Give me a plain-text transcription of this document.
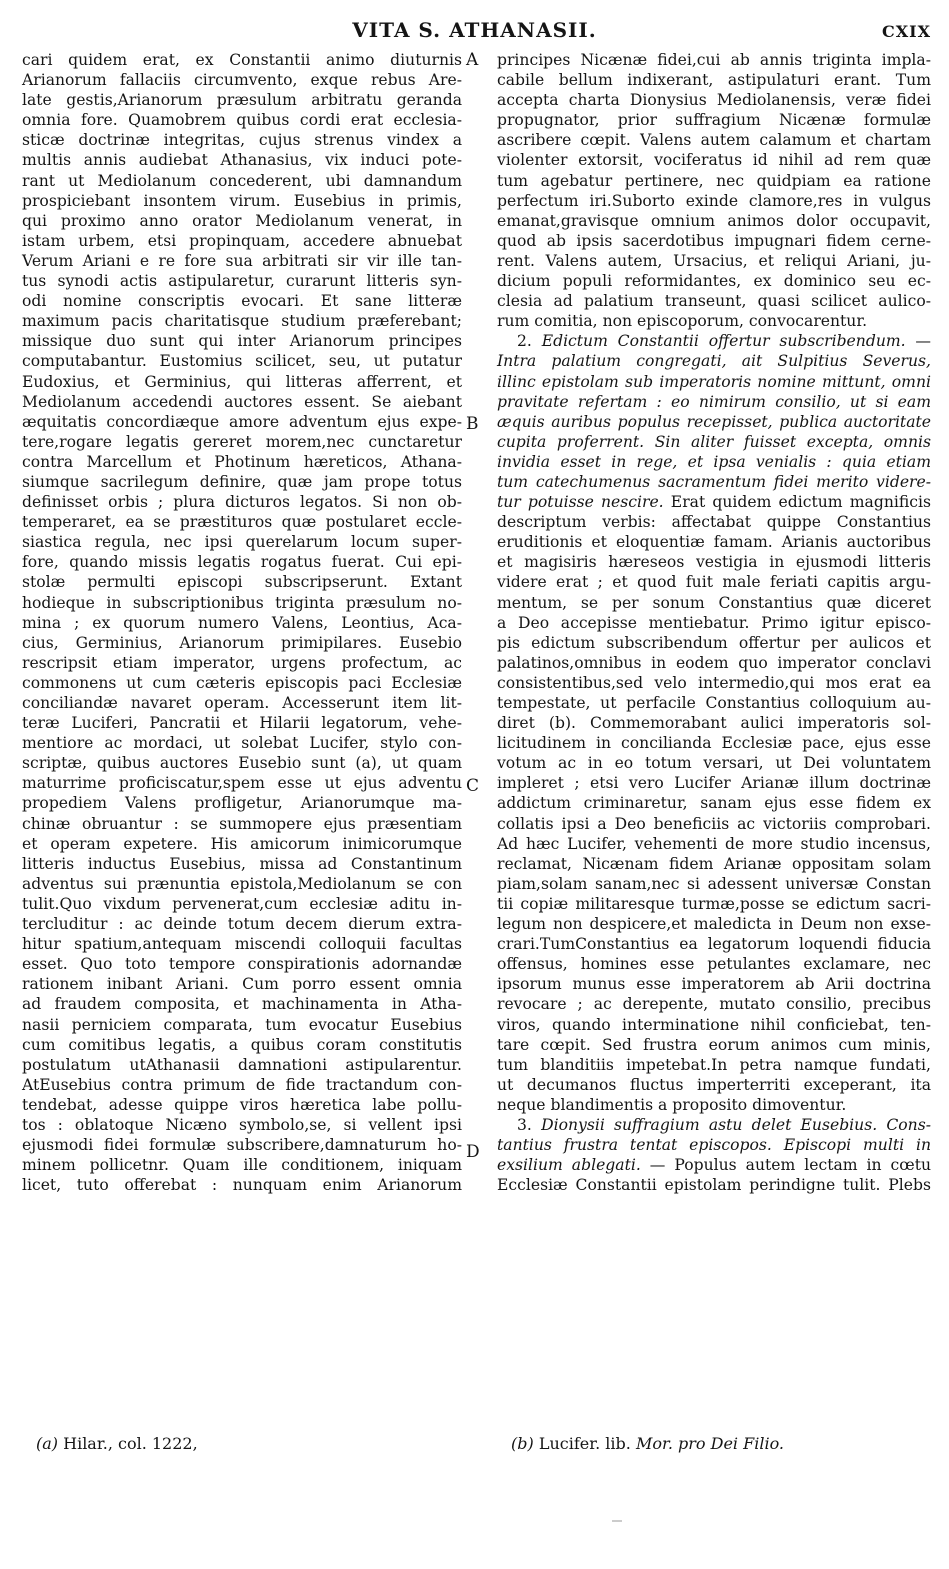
VITA S. ATHANASII.	CXIX
cari quidem erat, ex Constantii animo diuturnis
Arianorum fallaciis circumvento, exque rebus Are-
late gestis,Arianorum præsulum arbitratu geranda
omnia fore. Quamobrem quibus cordi erat ecclesia-
sticæ doctrinæ integritas, cujus strenus vindex a
multis annis audiebat Athanasius, vix induci pote-
rant ut Mediolanum concederent, ubi damnandum
prospiciebant insontem virum. Eusebius in primis,
qui proximo anno orator Mediolanum venerat, in
istam urbem, etsi propinquam, accedere abnuebat
Verum Ariani e re fore sua arbitrati sir vir ille tan-
tus synodi actis astipularetur, curarunt litteris syn-
odi nomine conscriptis evocari. Et sane litteræ
maximum pacis charitatisque studium præferebant;
missique duo sunt qui inter Arianorum principes
computabantur. Eustomius scilicet, seu, ut putatur
Eudoxius, et Germinius, qui litteras afferrent, et
Mediolanum accedendi auctores essent. Se aiebant
æquitatis concordiæque amore adventum ejus expe-
tere,rogare legatis gereret morem,nec cunctaretur
contra Marcellum et Photinum hæreticos, Athana-
siumque sacrilegum definire, quæ jam prope totus
definisset orbis ; plura dicturos legatos. Si non ob-
temperaret, ea se præstituros quæ postularet eccle-
siastica regula, nec ipsi querelarum locum super-
fore, quando missis legatis rogatus fuerat. Cui epi-
stolæ permulti episcopi subscripserunt. Extant
hodieque in subscriptionibus triginta præsulum no-
mina ; ex quorum numero Valens, Leontius, Aca-
cius, Germinius, Arianorum primipilares. Eusebio
rescripsit etiam imperator, urgens profectum, ac
commonens ut cum cæteris episcopis paci Ecclesiæ
conciliandæ navaret operam. Accesserunt item lit-
teræ Luciferi, Pancratii et Hilarii legatorum, vehe-
mentiore ac mordaci, ut solebat Lucifer, stylo con-
scriptæ, quibus auctores Eusebio sunt (a), ut quam
maturrime proficiscatur,spem esse ut ejus adventu
propediem Valens profligetur, Arianorumque ma-
chinæ obruantur : se summopere ejus præsentiam
et operam expetere. His amicorum inimicorumque
litteris inductus Eusebius, missa ad Constantinum
adventus sui prænuntia epistola,Mediolanum se con
tulit.Quo vixdum pervenerat,cum ecclesiæ aditu in-
tercluditur : ac deinde totum decem dierum extra-
hitur spatium,antequam miscendi colloquii facultas
esset. Quo toto tempore conspirationis adornandæ
rationem inibant Ariani. Cum porro essent omnia
ad fraudem composita, et machinamenta in Atha-
nasii perniciem comparata, tum evocatur Eusebius
cum comitibus legatis, a quibus coram constitutis
postulatum utAthanasii damnationi astipularentur.
AtEusebius contra primum de fide tractandum con-
tendebat, adesse quippe viros hæretica labe pollu-
tos : oblatoque Nicæno symbolo,se, si vellent ipsi
ejusmodi fidei formulæ subscribere,damnaturum ho-
minem pollicetnr. Quam ille conditionem, iniquam
licet, tuto offerebat : nunquam enim Arianorum
A
B
C
D
principes Nicænæ fidei,cui ab annis triginta impla-
cabile bellum indixerant, astipulaturi erant. Tum
accepta charta Dionysius Mediolanensis, veræ fidei
propugnator, prior suffragium Nicænæ formulæ
ascribere cœpit. Valens autem calamum et chartam
violenter extorsit, vociferatus id nihil ad rem quæ
tum agebatur pertinere, nec quidpiam ea ratione
perfectum iri.Suborto exinde clamore,res in vulgus
emanat,gravisque omnium animos dolor occupavit,
quod ab ipsis sacerdotibus impugnari fidem cerne-
rent. Valens autem, Ursacius, et reliqui Ariani, ju-
dicium populi reformidantes, ex dominico seu ec-
clesia ad palatium transeunt, quasi scilicet aulico-
rum comitia, non episcoporum, convocarentur.
2. Edictum Constantii offertur subscribendum. —
Intra palatium congregati, ait Sulpitius Severus,
illinc epistolam sub imperatoris nomine mittunt, omni
pravitate refertam : eo nimirum consilio, ut si eam
æquis auribus populus recepisset, publica auctoritate
cupita proferrent. Sin aliter fuisset excepta, omnis
invidia esset in rege, et ipsa venialis : quia etiam
tum catechumenus sacramentum fidei merito videre-
tur potuisse nescire. Erat quidem edictum magnificis
descriptum verbis: affectabat quippe Constantius
eruditionis et eloquentiæ famam. Arianis auctoribus
et magisiris hæreseos vestigia in ejusmodi litteris
videre erat ; et quod fuit male feriati capitis argu-
mentum, se per sonum Constantius quæ diceret
a Deo accepisse mentiebatur. Primo igitur episco-
pis edictum subscribendum offertur per aulicos et
palatinos,omnibus in eodem quo imperator conclavi
consistentibus,sed velo intermedio,qui mos erat ea
tempestate, ut perfacile Constantius colloquium au-
diret (b). Commemorabant aulici imperatoris sol-
licitudinem in concilianda Ecclesiæ pace, ejus esse
votum ac in eo totum versari, ut Dei voluntatem
impleret ; etsi vero Lucifer Arianæ illum doctrinæ
addictum criminaretur, sanam ejus esse fidem ex
collatis ipsi a Deo beneficiis ac victoriis comprobari.
Ad hæc Lucifer, vehementi de more studio incensus,
reclamat, Nicænam fidem Arianæ oppositam solam
piam,solam sanam,nec si adessent universæ Constan
tii copiæ militaresque turmæ,posse se edictum sacri-
legum non despicere,et maledicta in Deum non exse-
crari.TumConstantius ea legatorum loquendi fiducia
offensus, homines esse petulantes exclamare, nec
ipsorum munus esse imperatorem ab Arii doctrina
revocare ; ac derepente, mutato consilio, precibus
viros, quando interminatione nihil conficiebat, ten-
tare cœpit. Sed frustra eorum animos cum minis,
tum blanditiis impetebat.In petra namque fundati,
ut decumanos fluctus imperterriti exceperant, ita
neque blandimentis a proposito dimoventur.
3. Dionysii suffragium astu delet Eusebius. Cons-
tantius frustra tentat episcopos. Episcopi multi in
exsilium ablegati. — Populus autem lectam in cœtu
Ecclesiæ Constantii epistolam perindigne tulit. Plebs
(a) Hilar., col. 1222,	(b) Lucifer. lib. Mor. pro Dei Filio.
